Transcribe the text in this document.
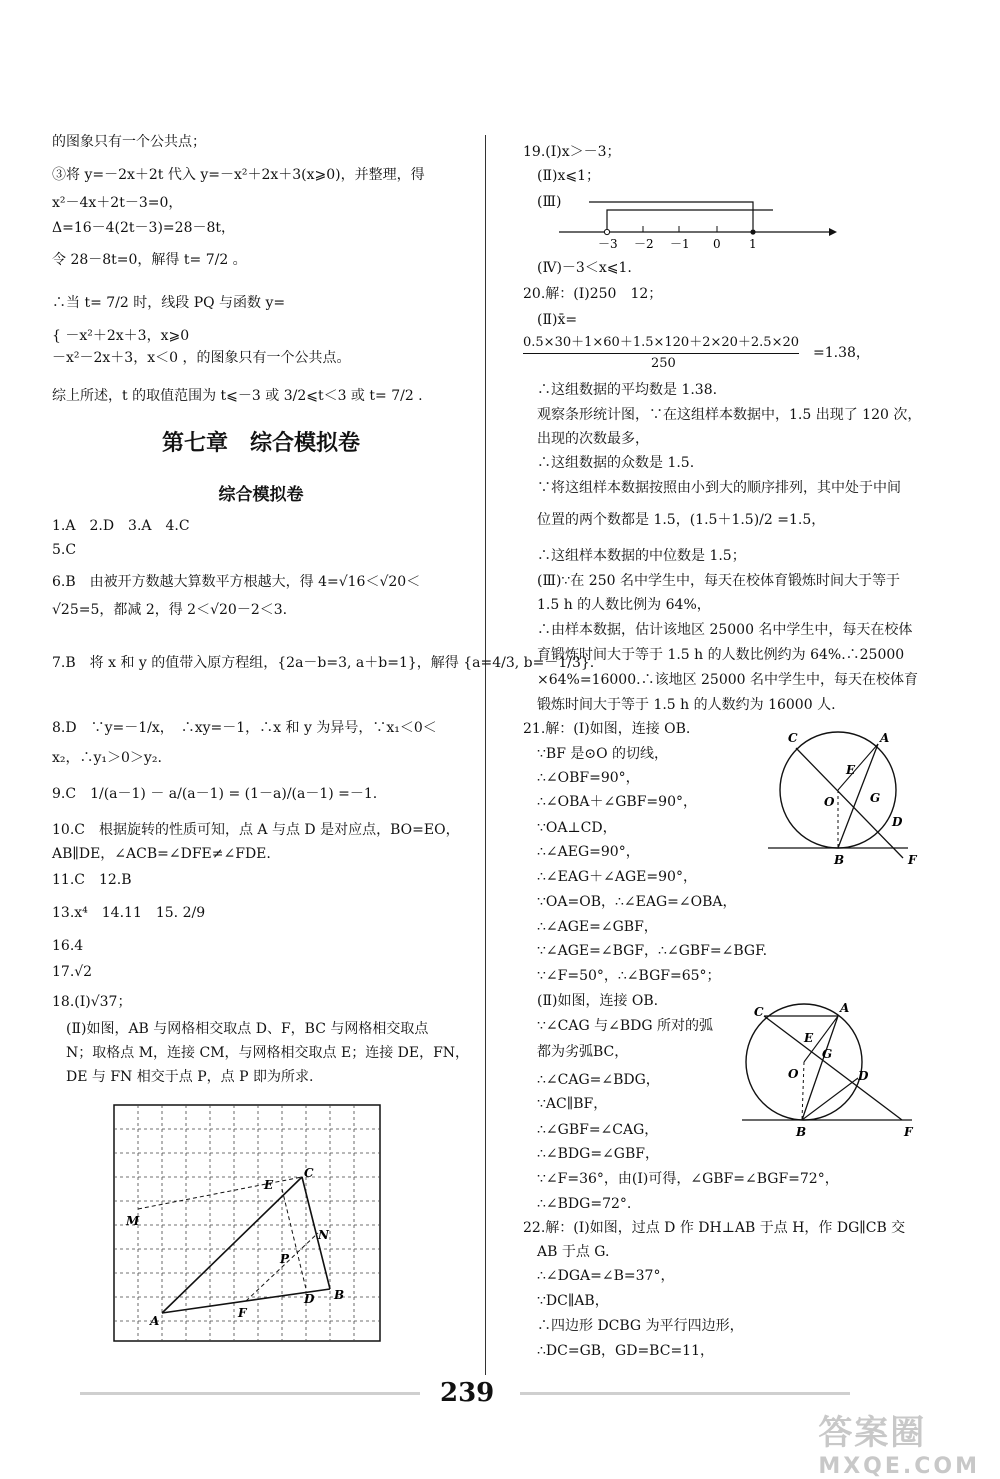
的图象只有一个公共点；
③将 y=－2x＋2t 代入 y=－x²＋2x＋3(x⩾0)，并整理，得
x²－4x＋2t－3=0，
Δ=16－4(2t－3)=28－8t，
令 28－8t=0，解得 t= 7/2 。
∴当 t= 7/2 时，线段 PQ 与函数 y=
{ －x²＋2x＋3，x⩾0
－x²－2x＋3，x＜0 ，的图象只有一个公共点。
综上所述，t 的取值范围为 t⩽－3 或 3/2⩽t＜3 或 t= 7/2 .
第七章　综合模拟卷
综合模拟卷
1.A　2.D　3.A　4.C
5.C
6.B　由被开方数越大算数平方根越大，得 4=√16＜√20＜
√25=5，都减 2，得 2＜√20－2＜3.
7.B　将 x 和 y 的值带入原方程组，{2a－b=3, a＋b=1}，解得 {a=4/3, b=－1/3}.
8.D　∵y=－1/x，　∴xy=－1，∴x 和 y 为异号，∵x₁＜0＜
x₂，∴y₁＞0＞y₂.
9.C　1/(a－1) － a/(a－1) = (1－a)/(a－1) =－1.
10.C　根据旋转的性质可知，点 A 与点 D 是对应点，BO=EO，
AB∥DE，∠ACB=∠DFE≠∠FDE.
11.C　12.B
13.x⁴　14.11　15. 2/9
16.4
17.√2
18.(Ⅰ)√37；
(Ⅱ)如图，AB 与网格相交取点 D、F，BC 与网格相交取点
N；取格点 M，连接 CM，与网格相交取点 E；连接 DE，FN，
DE 与 FN 相交于点 P，点 P 即为所求.
C
E
M
N
P
F
D B
A
19.(Ⅰ)x＞－3；
(Ⅱ)x⩽1；
(Ⅲ)
－3 －2 －1 0 1
(Ⅳ)－3＜x⩽1.
20.解：(Ⅰ)250　12；
(Ⅱ)x̄=
0.5×30＋1×60＋1.5×120＋2×20＋2.5×20
250
=1.38，
∴这组数据的平均数是 1.38.
观察条形统计图，∵在这组样本数据中，1.5 出现了 120 次，
出现的次数最多，
∴这组数据的众数是 1.5.
∵将这组样本数据按照由小到大的顺序排列，其中处于中间
位置的两个数都是 1.5，(1.5＋1.5)/2 =1.5，
∴这组样本数据的中位数是 1.5；
(Ⅲ)∵在 250 名中学生中，每天在校体育锻炼时间大于等于
1.5 h 的人数比例为 64%，
∴由样本数据，估计该地区 25000 名中学生中，每天在校体
育锻炼时间大于等于 1.5 h 的人数比例约为 64%.∴25000
×64%=16000.∴该地区 25000 名中学生中，每天在校体育
锻炼时间大于等于 1.5 h 的人数约为 16000 人.
21.解：(Ⅰ)如图，连接 OB.
∵BF 是⊙O 的切线，
∴∠OBF=90°，
∴∠OBA＋∠GBF=90°，
∵OA⊥CD，
∴∠AEG=90°，
∴∠EAG＋∠AGE=90°，
∵OA=OB，∴∠EAG=∠OBA，
∴∠AGE=∠GBF，
∵∠AGE=∠BGF，∴∠GBF=∠BGF.
∵∠F=50°，∴∠BGF=65°；
(Ⅱ)如图，连接 OB.
∵∠CAG 与∠BDG 所对的弧
都为劣弧BC，
∴∠CAG=∠BDG，
∵AC∥BF，
∴∠GBF=∠CAG，
∴∠BDG=∠GBF，
∵∠F=36°，由(Ⅰ)可得，∠GBF=∠BGF=72°，
∴∠BDG=72°.
22.解：(Ⅰ)如图，过点 D 作 DH⊥AB 于点 H，作 DG∥CB 交
AB 于点 G.
∴∠DGA=∠B=37°，
∵DC∥AB，
∴四边形 DCBG 为平行四边形，
∴DC=GB，GD=BC=11，
C	A
E
O	G
D
B	F
C	A
E
O
G
D
B	F
239
答案圈
MXQE.COM
